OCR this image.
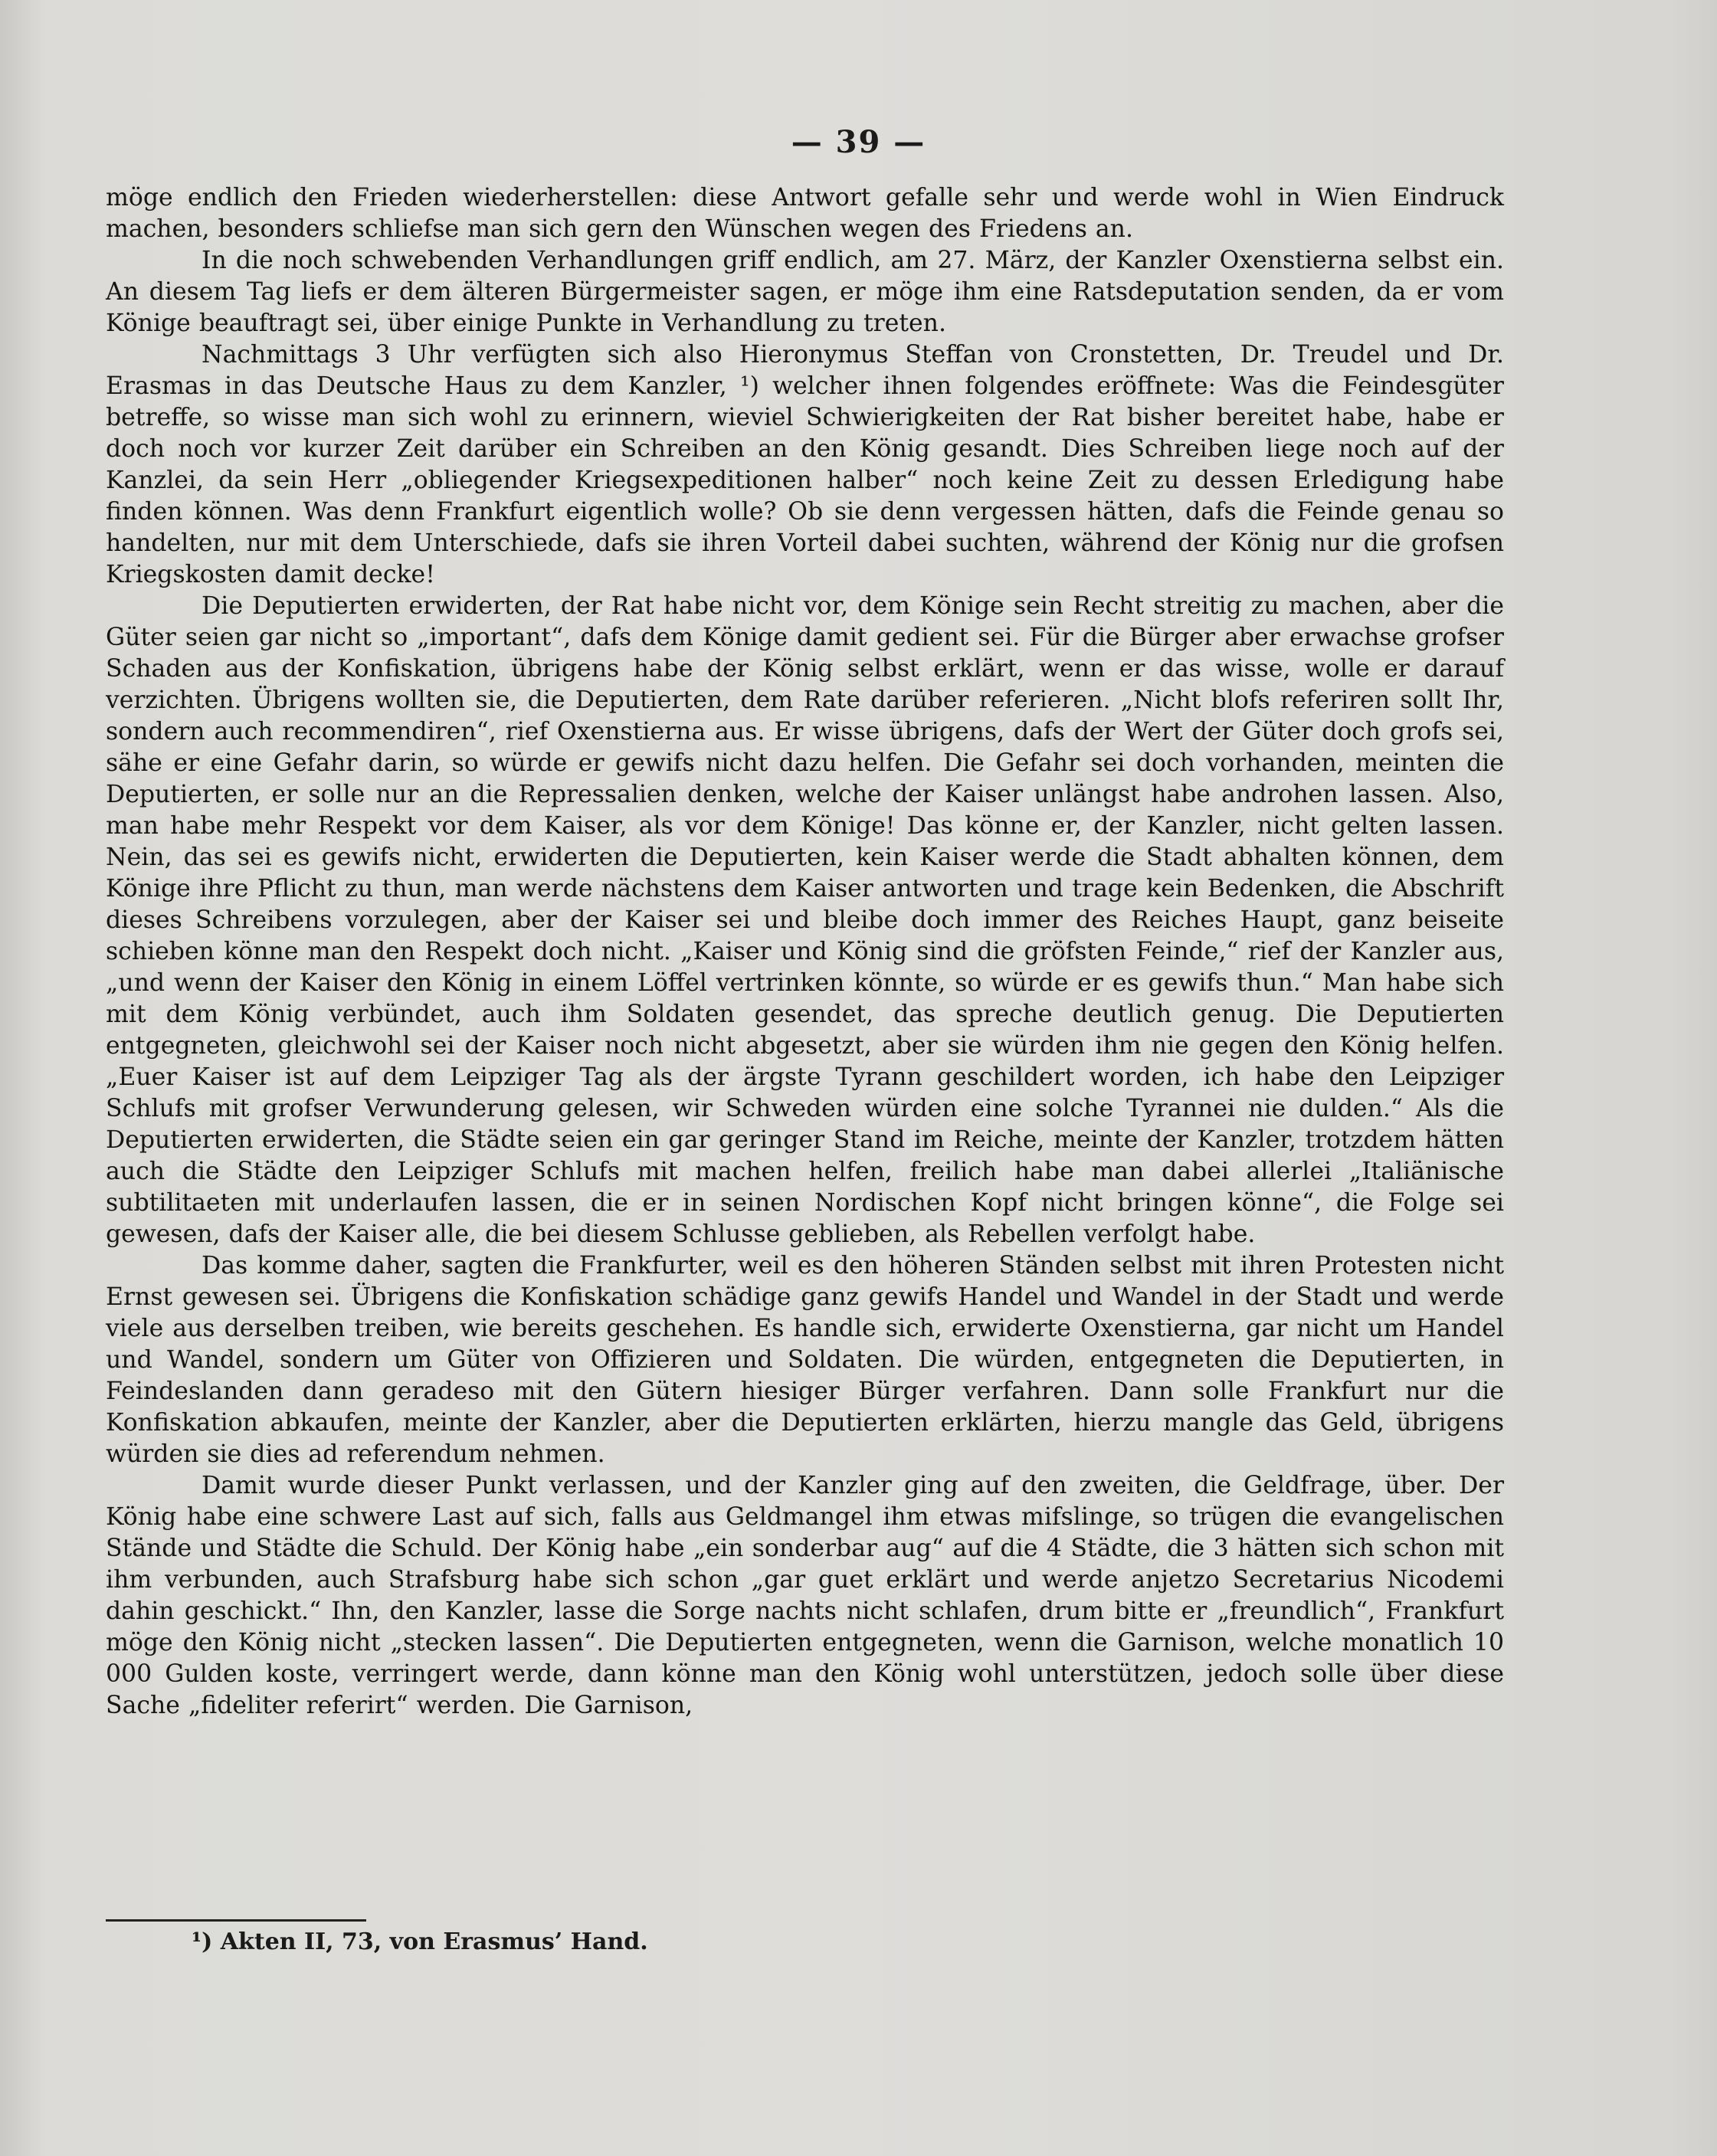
— 39 —

möge endlich den Frieden wiederherstellen: diese Antwort gefalle sehr und werde wohl in Wien Eindruck machen, besonders schliefse man sich gern den Wünschen wegen des Friedens an.

In die noch schwebenden Verhandlungen griff endlich, am 27. März, der Kanzler Oxenstierna selbst ein. An diesem Tag liefs er dem älteren Bürgermeister sagen, er möge ihm eine Ratsdeputation senden, da er vom Könige beauftragt sei, über einige Punkte in Verhandlung zu treten.

Nachmittags 3 Uhr verfügten sich also Hieronymus Steffan von Cronstetten, Dr. Treudel und Dr. Erasmas in das Deutsche Haus zu dem Kanzler, ¹) welcher ihnen folgendes eröffnete: Was die Feindesgüter betreffe, so wisse man sich wohl zu erinnern, wieviel Schwierigkeiten der Rat bisher bereitet habe, habe er doch noch vor kurzer Zeit darüber ein Schreiben an den König gesandt. Dies Schreiben liege noch auf der Kanzlei, da sein Herr „obliegender Kriegsexpeditionen halber“ noch keine Zeit zu dessen Erledigung habe finden können. Was denn Frankfurt eigentlich wolle? Ob sie denn vergessen hätten, dafs die Feinde genau so handelten, nur mit dem Unterschiede, dafs sie ihren Vorteil dabei suchten, während der König nur die grofsen Kriegskosten damit decke!

Die Deputierten erwiderten, der Rat habe nicht vor, dem Könige sein Recht streitig zu machen, aber die Güter seien gar nicht so „important“, dafs dem Könige damit gedient sei. Für die Bürger aber erwachse grofser Schaden aus der Konfiskation, übrigens habe der König selbst erklärt, wenn er das wisse, wolle er darauf verzichten. Übrigens wollten sie, die Deputierten, dem Rate darüber referieren. „Nicht blofs referiren sollt Ihr, sondern auch recommendiren“, rief Oxenstierna aus. Er wisse übrigens, dafs der Wert der Güter doch grofs sei, sähe er eine Gefahr darin, so würde er gewifs nicht dazu helfen. Die Gefahr sei doch vorhanden, meinten die Deputierten, er solle nur an die Repressalien denken, welche der Kaiser unlängst habe androhen lassen. Also, man habe mehr Respekt vor dem Kaiser, als vor dem Könige! Das könne er, der Kanzler, nicht gelten lassen. Nein, das sei es gewifs nicht, erwiderten die Deputierten, kein Kaiser werde die Stadt abhalten können, dem Könige ihre Pflicht zu thun, man werde nächstens dem Kaiser antworten und trage kein Bedenken, die Abschrift dieses Schreibens vorzulegen, aber der Kaiser sei und bleibe doch immer des Reiches Haupt, ganz beiseite schieben könne man den Respekt doch nicht. „Kaiser und König sind die gröfsten Feinde,“ rief der Kanzler aus, „und wenn der Kaiser den König in einem Löffel vertrinken könnte, so würde er es gewifs thun.“ Man habe sich mit dem König verbündet, auch ihm Soldaten gesendet, das spreche deutlich genug. Die Deputierten entgegneten, gleichwohl sei der Kaiser noch nicht abgesetzt, aber sie würden ihm nie gegen den König helfen. „Euer Kaiser ist auf dem Leipziger Tag als der ärgste Tyrann geschildert worden, ich habe den Leipziger Schlufs mit grofser Verwunderung gelesen, wir Schweden würden eine solche Tyrannei nie dulden.“ Als die Deputierten erwiderten, die Städte seien ein gar geringer Stand im Reiche, meinte der Kanzler, trotzdem hätten auch die Städte den Leipziger Schlufs mit machen helfen, freilich habe man dabei allerlei „Italiänische subtilitaeten mit underlaufen lassen, die er in seinen Nordischen Kopf nicht bringen könne“, die Folge sei gewesen, dafs der Kaiser alle, die bei diesem Schlusse geblieben, als Rebellen verfolgt habe.

Das komme daher, sagten die Frankfurter, weil es den höheren Ständen selbst mit ihren Protesten nicht Ernst gewesen sei. Übrigens die Konfiskation schädige ganz gewifs Handel und Wandel in der Stadt und werde viele aus derselben treiben, wie bereits geschehen. Es handle sich, erwiderte Oxenstierna, gar nicht um Handel und Wandel, sondern um Güter von Offizieren und Soldaten. Die würden, entgegneten die Deputierten, in Feindeslanden dann geradeso mit den Gütern hiesiger Bürger verfahren. Dann solle Frankfurt nur die Konfiskation abkaufen, meinte der Kanzler, aber die Deputierten erklärten, hierzu mangle das Geld, übrigens würden sie dies ad referendum nehmen.

Damit wurde dieser Punkt verlassen, und der Kanzler ging auf den zweiten, die Geldfrage, über. Der König habe eine schwere Last auf sich, falls aus Geldmangel ihm etwas mifslinge, so trügen die evangelischen Stände und Städte die Schuld. Der König habe „ein sonderbar aug“ auf die 4 Städte, die 3 hätten sich schon mit ihm verbunden, auch Strafsburg habe sich schon „gar guet erklärt und werde anjetzo Secretarius Nicodemi dahin geschickt.“ Ihn, den Kanzler, lasse die Sorge nachts nicht schlafen, drum bitte er „freundlich“, Frankfurt möge den König nicht „stecken lassen“. Die Deputierten entgegneten, wenn die Garnison, welche monatlich 10 000 Gulden koste, verringert werde, dann könne man den König wohl unterstützen, jedoch solle über diese Sache „fideliter referirt“ werden. Die Garnison,

¹) Akten II, 73, von Erasmus’ Hand.
